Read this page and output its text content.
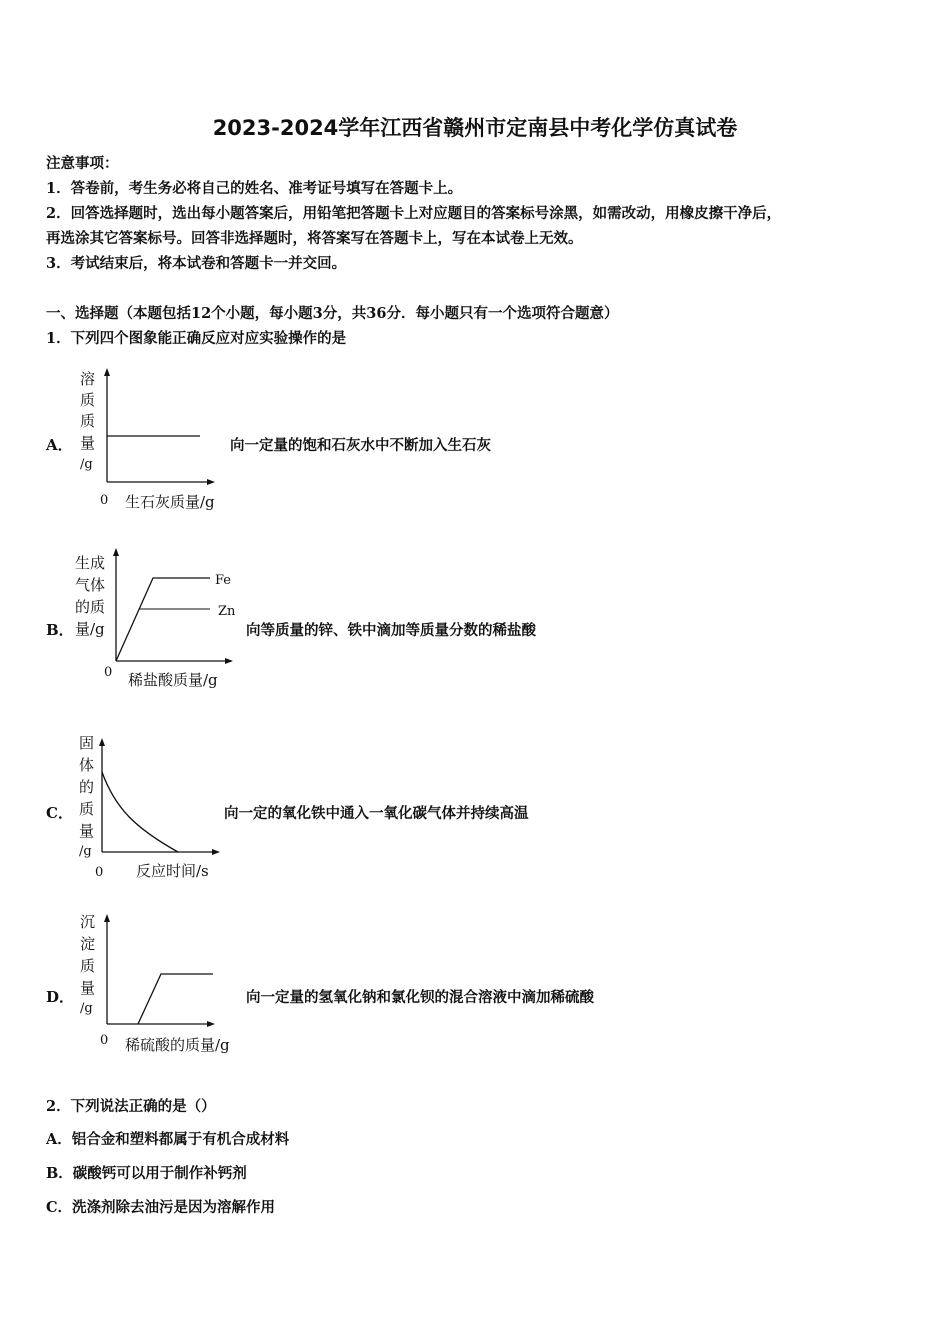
2023-2024学年江西省赣州市定南县中考化学仿真试卷
注意事项：
1．答卷前，考生务必将自己的姓名、准考证号填写在答题卡上。
2．回答选择题时，选出每小题答案后，用铅笔把答题卡上对应题目的答案标号涂黑，如需改动，用橡皮擦干净后，
再选涂其它答案标号。回答非选择题时，将答案写在答题卡上，写在本试卷上无效。
3．考试结束后，将本试卷和答题卡一并交回。
一、选择题（本题包括12个小题，每小题3分，共36分．每小题只有一个选项符合题意）
1．下列四个图象能正确反应对应实验操作的是
A．
溶
质
质
量
/g
0 生石灰质量/g
向一定量的饱和石灰水中不断加入生石灰
B．
生成
气体
的质
量/g
Fe
Zn
0 稀盐酸质量/g
向等质量的锌、铁中滴加等质量分数的稀盐酸
C．
固
体
的
质
量
/g
0 反应时间/s
向一定的氧化铁中通入一氧化碳气体并持续高温
D．
沉
淀
质
量
/g
0 稀硫酸的质量/g
向一定量的氢氧化钠和氯化钡的混合溶液中滴加稀硫酸
2．下列说法正确的是（）
A．铝合金和塑料都属于有机合成材料
B．碳酸钙可以用于制作补钙剂
C．洗涤剂除去油污是因为溶解作用
